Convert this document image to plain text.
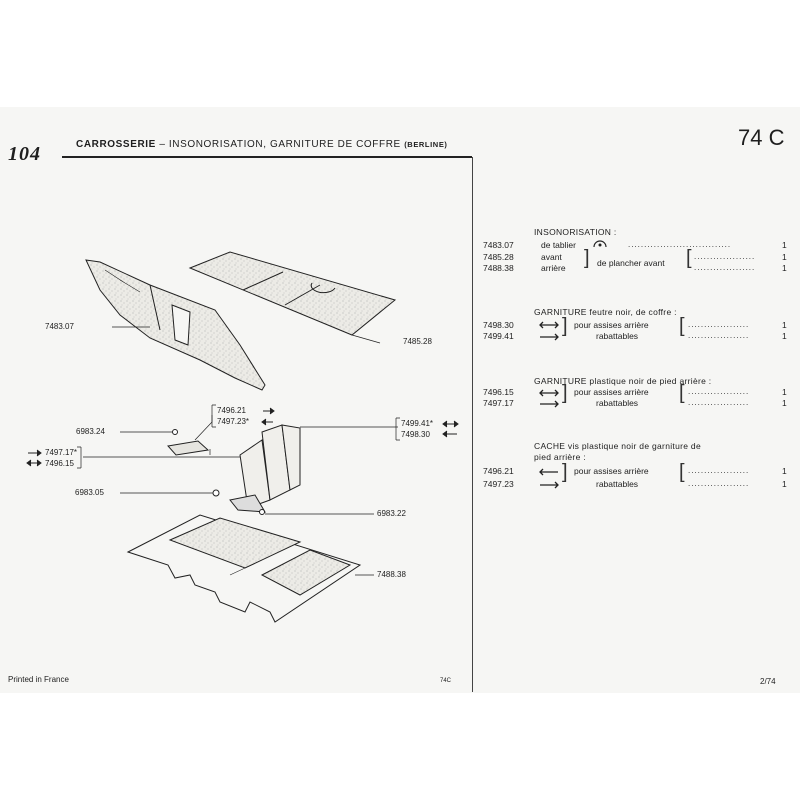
104	CARROSSERIE – INSONORISATION, GARNITURE DE COFFRE (BERLINE)	74 C
7483.07
7485.28
7496.21
7497.23*	7499.41*
7498.30
6983.24
7497.17*
7496.15
6983.05
6983.22
7488.38
INSONORISATION :
7483.07	de tablier	................................	1
7485.28	avant ] de plancher avant [ ...................	1
7488.38	arrière	...................	1
GARNITURE feutre noir, de coffre :
7498.30 ] pour assises arrière [ ...................	1
7499.41	rabattables	...................	1
GARNITURE plastique noir de pied arrière :
7496.15 ] pour assises arrière [ ...................	1
7497.17	rabattables	...................	1
CACHE vis plastique noir de garniture de
pied arrière :
7496.21 ] pour assises arrière [ ...................	1
7497.23	rabattables	...................	1
Printed in France	74C	2/74
